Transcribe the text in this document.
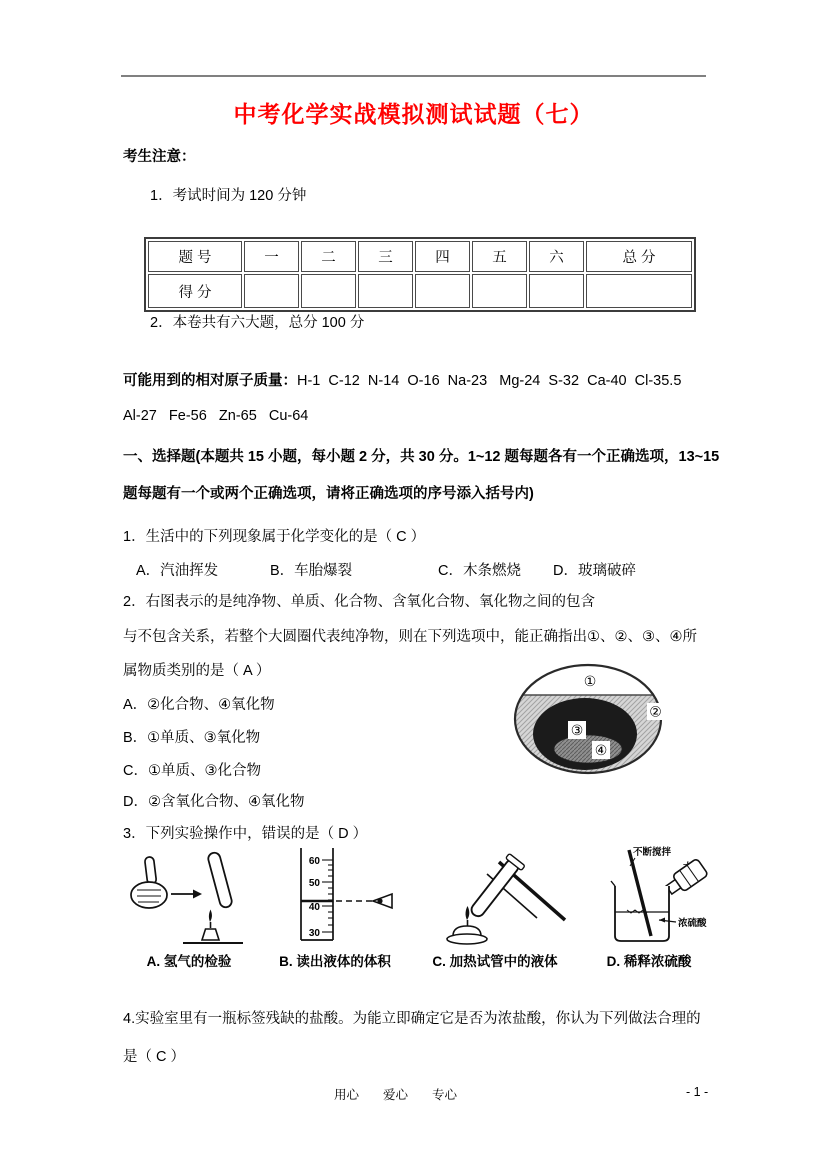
中考化学实战模拟测试试题（七）
考生注意：
1．考试时间为 120 分钟
题 号	一	二	三	四	五	六	总 分
得 分							
2．本卷共有六大题，总分 100 分
可能用到的相对原子质量：H-1  C-12  N-14  O-16  Na-23   Mg-24  S-32  Ca-40  Cl-35.5
Al-27   Fe-56   Zn-65   Cu-64
一、选择题(本题共 15 小题，每小题 2 分，共 30 分。1~12 题每题各有一个正确选项，13~15
题每题有一个或两个正确选项，请将正确选项的序号添入括号内)
1．生活中的下列现象属于化学变化的是（ C ）
A．汽油挥发	B．车胎爆裂	C．木条燃烧 D．玻璃破碎
2．右图表示的是纯净物、单质、化合物、含氧化合物、氧化物之间的包含
与不包含关系，若整个大圆圈代表纯净物，则在下列选项中，能正确指出①、②、③、④所
属物质类别的是（ A ）
A．②化合物、④氧化物
B．①单质、③氧化物
C．①单质、③化合物
D．②含氧化合物、④氧化物
①
②
③
④
3．下列实验操作中，错误的是（ D ）
A. 氢气的检验
60
50
40
30
B. 读出液体的体积	C. 加热试管中的液体
不断搅拌
浓硫酸
D. 稀释浓硫酸
4.实验室里有一瓶标签残缺的盐酸。为能立即确定它是否为浓盐酸，你认为下列做法合理的
是（ C ）
用心 爱心 专心	- 1 -
